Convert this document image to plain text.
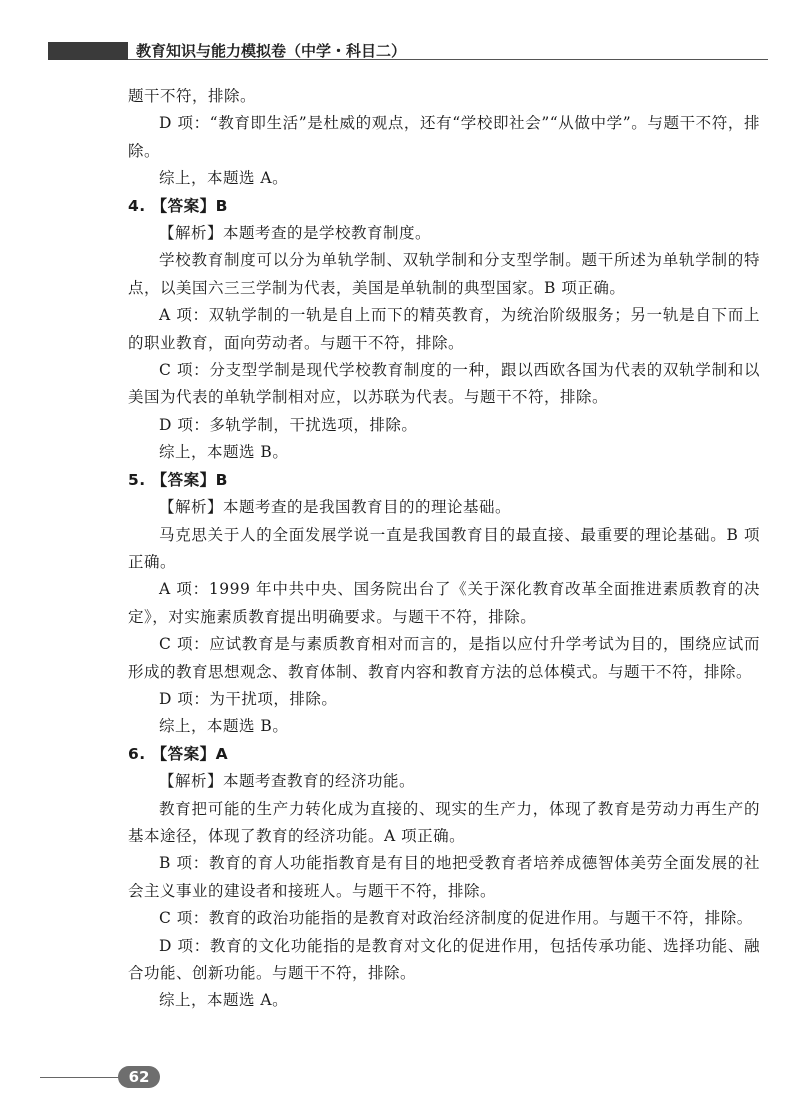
教育知识与能力模拟卷（中学・科目二）

题干不符，排除。

D 项：“教育即生活”是杜威的观点，还有“学校即社会”“从做中学”。与题干不符，排除。

综上，本题选 A。

4. 【答案】B

【解析】本题考查的是学校教育制度。

学校教育制度可以分为单轨学制、双轨学制和分支型学制。题干所述为单轨学制的特点，以美国六三三学制为代表，美国是单轨制的典型国家。B 项正确。

A 项：双轨学制的一轨是自上而下的精英教育，为统治阶级服务；另一轨是自下而上的职业教育，面向劳动者。与题干不符，排除。

C 项：分支型学制是现代学校教育制度的一种，跟以西欧各国为代表的双轨学制和以美国为代表的单轨学制相对应，以苏联为代表。与题干不符，排除。

D 项：多轨学制，干扰选项，排除。

综上，本题选 B。

5. 【答案】B

【解析】本题考查的是我国教育目的的理论基础。

马克思关于人的全面发展学说一直是我国教育目的最直接、最重要的理论基础。B 项正确。

A 项：1999 年中共中央、国务院出台了《关于深化教育改革全面推进素质教育的决定》，对实施素质教育提出明确要求。与题干不符，排除。

C 项：应试教育是与素质教育相对而言的，是指以应付升学考试为目的，围绕应试而形成的教育思想观念、教育体制、教育内容和教育方法的总体模式。与题干不符，排除。

D 项：为干扰项，排除。

综上，本题选 B。

6. 【答案】A

【解析】本题考查教育的经济功能。

教育把可能的生产力转化成为直接的、现实的生产力，体现了教育是劳动力再生产的基本途径，体现了教育的经济功能。A 项正确。

B 项：教育的育人功能指教育是有目的地把受教育者培养成德智体美劳全面发展的社会主义事业的建设者和接班人。与题干不符，排除。

C 项：教育的政治功能指的是教育对政治经济制度的促进作用。与题干不符，排除。

D 项：教育的文化功能指的是教育对文化的促进作用，包括传承功能、选择功能、融合功能、创新功能。与题干不符，排除。

综上，本题选 A。

62
